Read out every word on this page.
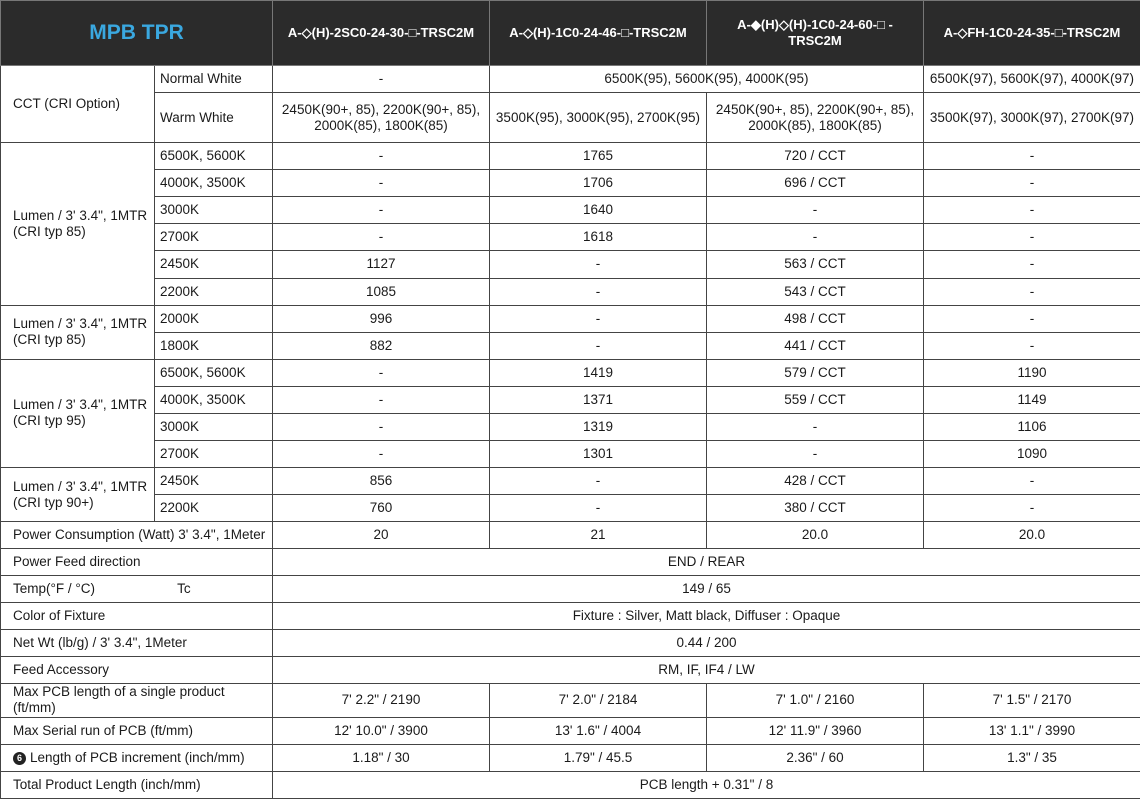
MPB TPR		A-◇(H)-2SC0-24-30-□-TRSC2M	A-◇(H)-1C0-24-46-□-TRSC2M	A-◆(H)◇(H)-1C0-24-60-□ -TRSC2M	A-◇FH-1C0-24-35-□-TRSC2M
CCT (CRI Option)	Normal White	-	6500K(95), 5600K(95), 4000K(95)		6500K(97), 5600K(97), 4000K(97)
	Warm White	2450K(90+, 85), 2200K(90+, 85), 2000K(85), 1800K(85)	3500K(95), 3000K(95), 2700K(95)	2450K(90+, 85), 2200K(90+, 85), 2000K(85), 1800K(85)	3500K(97), 3000K(97), 2700K(97)
Lumen / 3' 3.4", 1MTR (CRI typ 85)	6500K, 5600K	-	1765	720 / CCT	-
	4000K, 3500K	-	1706	696 / CCT	-
	3000K	-	1640	-	-
	2700K	-	1618	-	-
	2450K	1127	-	563 / CCT	-
	2200K	1085	-	543 / CCT	-
Lumen / 3' 3.4", 1MTR (CRI typ 85)	2000K	996	-	498 / CCT	-
	1800K	882	-	441 / CCT	-
Lumen / 3' 3.4", 1MTR (CRI typ 95)	6500K, 5600K	-	1419	579 / CCT	1190
	4000K, 3500K	-	1371	559 / CCT	1149
	3000K	-	1319	-	1106
	2700K	-	1301	-	1090
Lumen / 3' 3.4", 1MTR (CRI typ 90+)	2450K	856	-	428 / CCT	-
	2200K	760	-	380 / CCT	-
Power Consumption (Watt) 3' 3.4", 1Meter		20	21	20.0	20.0
Power Feed direction		END / REAR			
Temp(°F / °C) Tc		149 / 65			
Color of Fixture		Fixture : Silver, Matt black, Diffuser : Opaque			
Net Wt (lb/g) / 3' 3.4", 1Meter		0.44 / 200			
Feed Accessory		RM, IF, IF4 / LW			
Max PCB length of a single product (ft/mm)		7' 2.2" / 2190	7' 2.0" / 2184	7' 1.0" / 2160	7' 1.5" / 2170
Max Serial run of PCB (ft/mm)		12' 10.0" / 3900	13' 1.6" / 4004	12' 11.9" / 3960	13' 1.1" / 3990
6 Length of PCB increment (inch/mm)		1.18" / 30	1.79" / 45.5	2.36" / 60	1.3" / 35
Total Product Length (inch/mm)		PCB length + 0.31" / 8			
